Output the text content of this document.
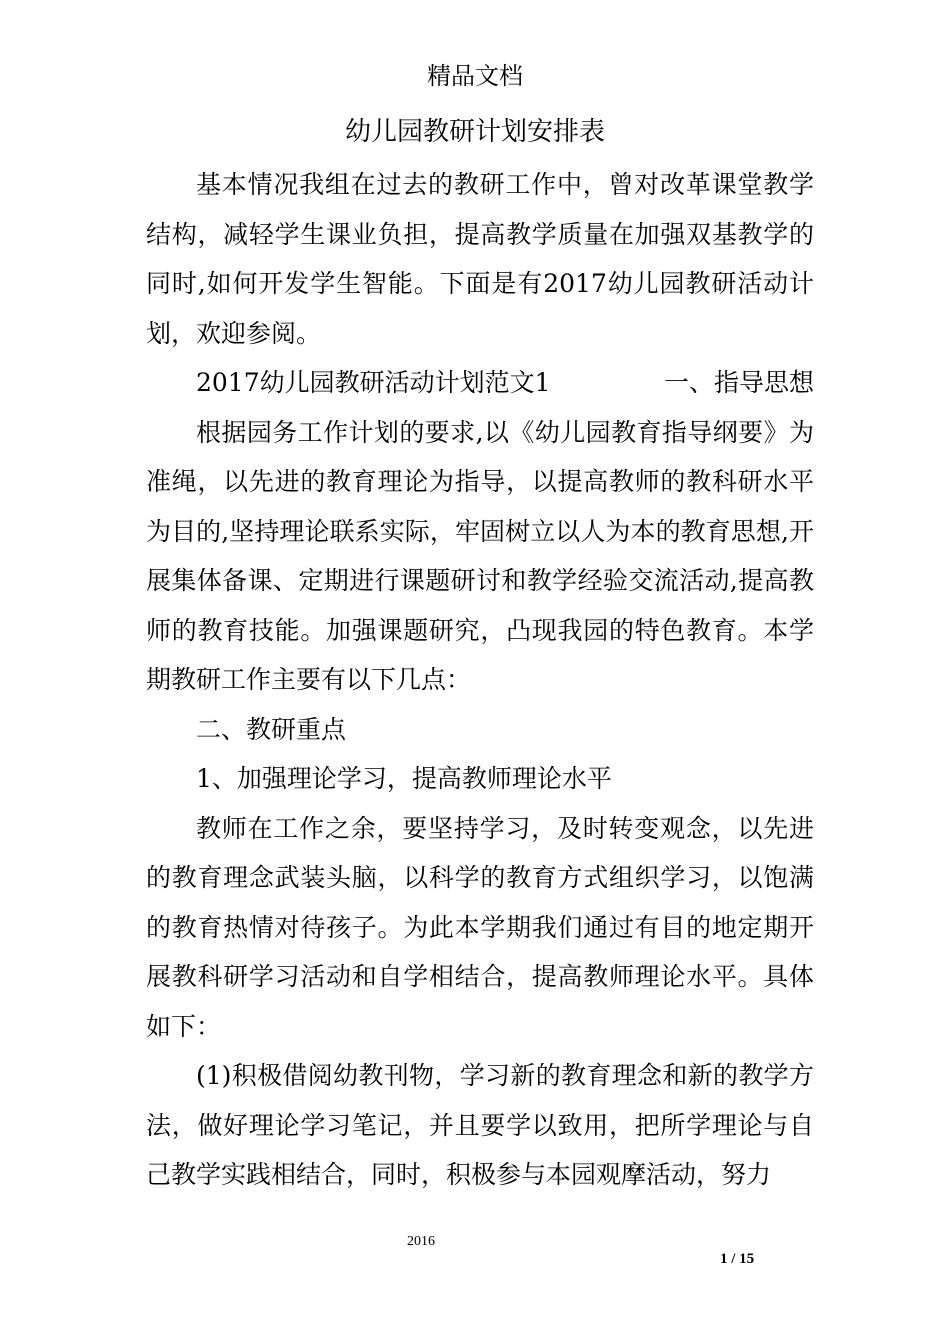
精品文档
幼儿园教研计划安排表

基本情况我组在过去的教研工作中，曾对改革课堂教学结构，减轻学生课业负担，提高教学质量在加强双基教学的同时,如何开发学生智能。下面是有2017幼儿园教研活动计划，欢迎参阅。

2017幼儿园教研活动计划范文1	一、指导思想

根据园务工作计划的要求,以《幼儿园教育指导纲要》为准绳，以先进的教育理论为指导，以提高教师的教科研水平为目的,坚持理论联系实际，牢固树立以人为本的教育思想,开展集体备课、定期进行课题研讨和教学经验交流活动,提高教师的教育技能。加强课题研究，凸现我园的特色教育。本学期教研工作主要有以下几点：

二、教研重点

1、加强理论学习，提高教师理论水平

教师在工作之余，要坚持学习，及时转变观念，以先进的教育理念武装头脑，以科学的教育方式组织学习，以饱满的教育热情对待孩子。为此本学期我们通过有目的地定期开展教科研学习活动和自学相结合，提高教师理论水平。具体如下：

(1)积极借阅幼教刊物，学习新的教育理念和新的教学方法，做好理论学习笔记，并且要学以致用，把所学理论与自己教学实践相结合，同时，积极参与本园观摩活动，努力

2016
1 / 15
